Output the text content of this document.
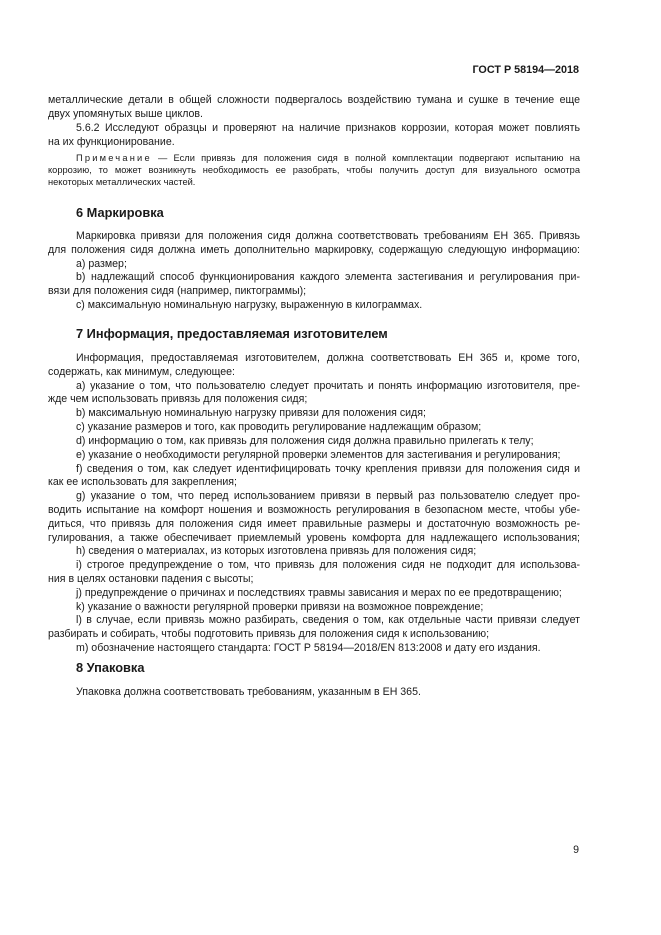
ГОСТ Р 58194—2018
металлические детали в общей сложности подвергалось воздействию тумана и сушке в течение еще
двух упомянутых выше циклов.
5.6.2 Исследуют образцы и проверяют на наличие признаков коррозии, которая может повлиять
на их функционирование.
Маркировка привязи для положения сидя должна соответствовать требованиям ЕН 365. Привязь
для положения сидя должна иметь дополнительно маркировку, содержащую следующую информацию:
a) размер;
b) надлежащий способ функционирования каждого элемента застегивания и регулирования при-
вязи для положения сидя (например, пиктограммы);
c) максимальную номинальную нагрузку, выраженную в килограммах.
Информация, предоставляемая изготовителем, должна соответствовать ЕН 365 и, кроме того,
содержать, как минимум, следующее:
a) указание о том, что пользователю следует прочитать и понять информацию изготовителя, пре-
жде чем использовать привязь для положения сидя;
b) максимальную номинальную нагрузку привязи для положения сидя;
c) указание размеров и того, как проводить регулирование надлежащим образом;
d) информацию о том, как привязь для положения сидя должна правильно прилегать к телу;
e) указание о необходимости регулярной проверки элементов для застегивания и регулирования;
f) сведения о том, как следует идентифицировать точку крепления привязи для положения сидя и
как ее использовать для закрепления;
g) указание о том, что перед использованием привязи в первый раз пользователю следует про-
водить испытание на комфорт ношения и возможность регулирования в безопасном месте, чтобы убе-
диться, что привязь для положения сидя имеет правильные размеры и достаточную возможность ре-
гулирования, а также обеспечивает приемлемый уровень комфорта для надлежащего использования;
h) сведения о материалах, из которых изготовлена привязь для положения сидя;
i) строгое предупреждение о том, что привязь для положения сидя не подходит для использова-
ния в целях остановки падения с высоты;
j) предупреждение о причинах и последствиях травмы зависания и мерах по ее предотвращению;
k) указание о важности регулярной проверки привязи на возможное повреждение;
l) в случае, если привязь можно разбирать, сведения о том, как отдельные части привязи следует
разбирать и собирать, чтобы подготовить привязь для положения сидя к использованию;
m) обозначение настоящего стандарта: ГОСТ Р 58194—2018/EN 813:2008 и дату его издания.
Упаковка должна соответствовать требованиям, указанным в ЕН 365.
Примечание — Если привязь для положения сидя в полной комплектации подвергают испытанию на
коррозию, то может возникнуть необходимость ее разобрать, чтобы получить доступ для визуального осмотра
некоторых металлических частей.
6 Маркировка
7 Информация, предоставляемая изготовителем
8 Упаковка
9
